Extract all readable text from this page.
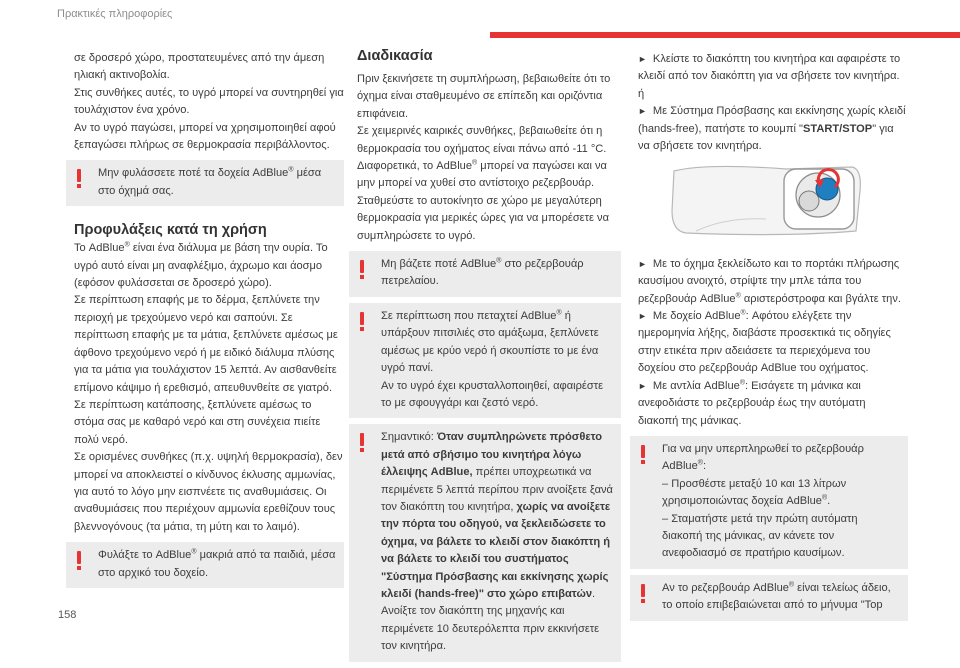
Πρακτικές πληροφορίες

σε δροσερό χώρο, προστατευμένες από την άμεση ηλιακή ακτινοβολία.
Στις συνθήκες αυτές, το υγρό μπορεί να συντηρηθεί για τουλάχιστον ένα χρόνο.
Αν το υγρό παγώσει, μπορεί να χρησιμοποιηθεί αφού ξεπαγώσει πλήρως σε θερμοκρασία περιβάλλοντος.

Μην φυλάσσετε ποτέ τα δοχεία AdBlue® μέσα στο όχημά σας.

Προφυλάξεις κατά τη χρήση

Το AdBlue® είναι ένα διάλυμα με βάση την ουρία. Το υγρό αυτό είναι μη αναφλέξιμο, άχρωμο και άοσμο (εφόσον φυλάσσεται σε δροσερό χώρο).
Σε περίπτωση επαφής με το δέρμα, ξεπλύνετε την περιοχή με τρεχούμενο νερό και σαπούνι. Σε περίπτωση επαφής με τα μάτια, ξεπλύνετε αμέσως με άφθονο τρεχούμενο νερό ή με ειδικό διάλυμα πλύσης για τα μάτια για τουλάχιστον 15 λεπτά. Αν αισθανθείτε επίμονο κάψιμο ή ερεθισμό, απευθυνθείτε σε γιατρό.
Σε περίπτωση κατάποσης, ξεπλύνετε αμέσως το στόμα σας με καθαρό νερό και στη συνέχεια πιείτε πολύ νερό.
Σε ορισμένες συνθήκες (π.χ. υψηλή θερμοκρασία), δεν μπορεί να αποκλειστεί ο κίνδυνος έκλυσης αμμωνίας, για αυτό το λόγο μην εισπνέετε τις αναθυμιάσεις. Οι αναθυμιάσεις που περιέχουν αμμωνία ερεθίζουν τους βλεννογόνους (τα μάτια, τη μύτη και το λαιμό).

Φυλάξτε το AdBlue® μακριά από τα παιδιά, μέσα στο αρχικό του δοχείο.

Διαδικασία

Πριν ξεκινήσετε τη συμπλήρωση, βεβαιωθείτε ότι το όχημα είναι σταθμευμένο σε επίπεδη και οριζόντια επιφάνεια.
Σε χειμερινές καιρικές συνθήκες, βεβαιωθείτε ότι η θερμοκρασία του οχήματος είναι πάνω από -11 °C.
Διαφορετικά, το AdBlue® μπορεί να παγώσει και να μην μπορεί να χυθεί στο αντίστοιχο ρεζερβουάρ. Σταθμεύστε το αυτοκίνητο σε χώρο με μεγαλύτερη θερμοκρασία για μερικές ώρες για να μπορέσετε να συμπληρώσετε το υγρό.

Μη βάζετε ποτέ AdBlue® στο ρεζερβουάρ πετρελαίου.

Σε περίπτωση που πεταχτεί AdBlue® ή υπάρξουν πιτσιλιές στο αμάξωμα, ξεπλύνετε αμέσως με κρύο νερό ή σκουπίστε το με ένα υγρό πανί.
Αν το υγρό έχει κρυσταλλοποιηθεί, αφαιρέστε το με σφουγγάρι και ζεστό νερό.

Σημαντικό: Όταν συμπληρώνετε πρόσθετο μετά από σβήσιμο του κινητήρα λόγω έλλειψης AdBlue, πρέπει υποχρεωτικά να περιμένετε 5 λεπτά περίπου πριν ανοίξετε ξανά τον διακόπτη του κινητήρα, χωρίς να ανοίξετε την πόρτα του οδηγού, να ξεκλειδώσετε το όχημα, να βάλετε το κλειδί στον διακόπτη ή να βάλετε το κλειδί του συστήματος "Σύστημα Πρόσβασης και εκκίνησης χωρίς κλειδί (hands-free)" στο χώρο επιβατών.
Ανοίξτε τον διακόπτη της μηχανής και περιμένετε 10 δευτερόλεπτα πριν εκκινήσετε τον κινητήρα.

► Κλείστε το διακόπτη του κινητήρα και αφαιρέστε το κλειδί από τον διακόπτη για να σβήσετε τον κινητήρα.

ή

► Με Σύστημα Πρόσβασης και εκκίνησης χωρίς κλειδί (hands-free), πατήστε το κουμπί "START/STOP" για να σβήσετε τον κινητήρα.

► Με το όχημα ξεκλείδωτο και το πορτάκι πλήρωσης καυσίμου ανοιχτό, στρίψτε την μπλε τάπα του ρεζερβουάρ AdBlue® αριστερόστροφα και βγάλτε την.

► Με δοχείο AdBlue®: Αφότου ελέγξετε την ημερομηνία λήξης, διαβάστε προσεκτικά τις οδηγίες στην ετικέτα πριν αδειάσετε τα περιεχόμενα του δοχείου στο ρεζερβουάρ AdBlue του οχήματος.

► Με αντλία AdBlue®: Εισάγετε τη μάνικα και ανεφοδιάστε το ρεζερβουάρ έως την αυτόματη διακοπή της μάνικας.

Για να μην υπερπληρωθεί το ρεζερβουάρ AdBlue®:
– Προσθέστε μεταξύ 10 και 13 λίτρων χρησιμοποιώντας δοχεία AdBlue®.
– Σταματήστε μετά την πρώτη αυτόματη διακοπή της μάνικας, αν κάνετε τον ανεφοδιασμό σε πρατήριο καυσίμων.

Αν το ρεζερβουάρ AdBlue® είναι τελείως άδειο, το οποίο επιβεβαιώνεται από το μήνυμα "Top

158
